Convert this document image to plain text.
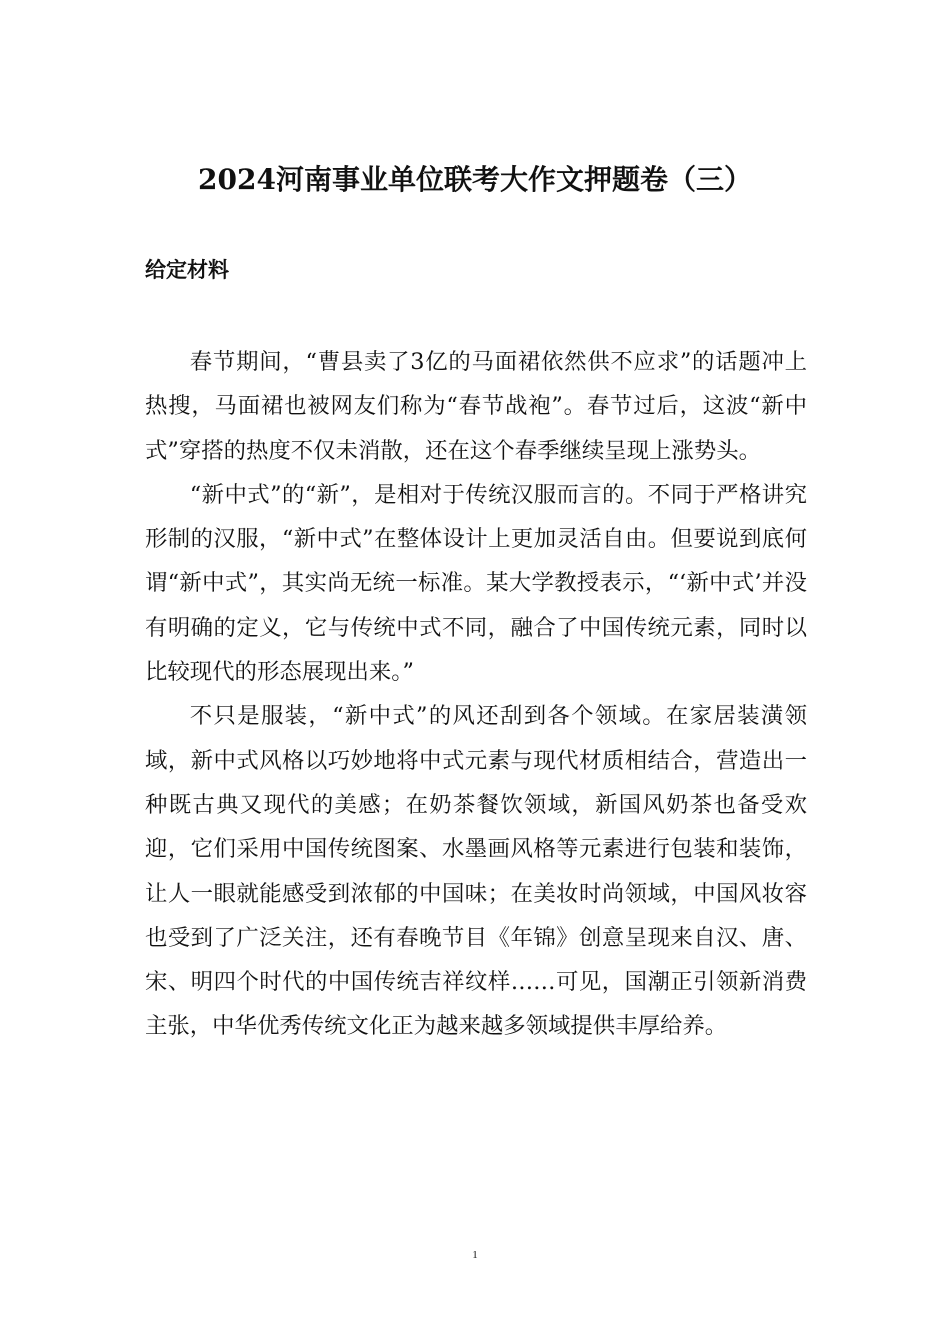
2024河南事业单位联考大作文押题卷（三）
给定材料

春节期间，“曹县卖了3亿的马面裙依然供不应求”的话题冲上热搜，马面裙也被网友们称为“春节战袍”。春节过后，这波“新中式”穿搭的热度不仅未消散，还在这个春季继续呈现上涨势头。

“新中式”的“新”，是相对于传统汉服而言的。不同于严格讲究形制的汉服，“新中式”在整体设计上更加灵活自由。但要说到底何谓“新中式”，其实尚无统一标准。某大学教授表示，“‘新中式’并没有明确的定义，它与传统中式不同，融合了中国传统元素，同时以比较现代的形态展现出来。”

不只是服装，“新中式”的风还刮到各个领域。在家居装潢领域，新中式风格以巧妙地将中式元素与现代材质相结合，营造出一种既古典又现代的美感；在奶茶餐饮领域，新国风奶茶也备受欢迎，它们采用中国传统图案、水墨画风格等元素进行包装和装饰，让人一眼就能感受到浓郁的中国味；在美妆时尚领域，中国风妆容也受到了广泛关注，还有春晚节目《年锦》创意呈现来自汉、唐、宋、明四个时代的中国传统吉祥纹样……可见，国潮正引领新消费主张，中华优秀传统文化正为越来越多领域提供丰厚给养。

1
